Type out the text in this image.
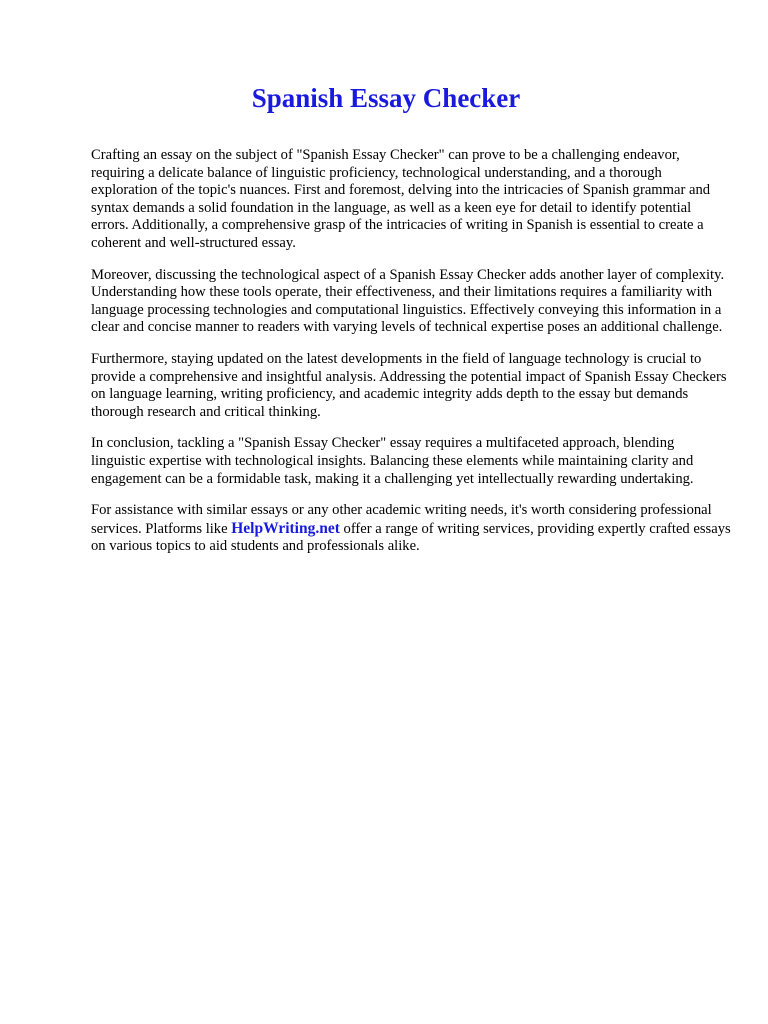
Spanish Essay Checker

Crafting an essay on the subject of "Spanish Essay Checker" can prove to be a challenging endeavor, requiring a delicate balance of linguistic proficiency, technological understanding, and a thorough exploration of the topic's nuances. First and foremost, delving into the intricacies of Spanish grammar and syntax demands a solid foundation in the language, as well as a keen eye for detail to identify potential errors. Additionally, a comprehensive grasp of the intricacies of writing in Spanish is essential to create a coherent and well-structured essay.

Moreover, discussing the technological aspect of a Spanish Essay Checker adds another layer of complexity. Understanding how these tools operate, their effectiveness, and their limitations requires a familiarity with language processing technologies and computational linguistics. Effectively conveying this information in a clear and concise manner to readers with varying levels of technical expertise poses an additional challenge.

Furthermore, staying updated on the latest developments in the field of language technology is crucial to provide a comprehensive and insightful analysis. Addressing the potential impact of Spanish Essay Checkers on language learning, writing proficiency, and academic integrity adds depth to the essay but demands thorough research and critical thinking.

In conclusion, tackling a "Spanish Essay Checker" essay requires a multifaceted approach, blending linguistic expertise with technological insights. Balancing these elements while maintaining clarity and engagement can be a formidable task, making it a challenging yet intellectually rewarding undertaking.

For assistance with similar essays or any other academic writing needs, it's worth considering professional services. Platforms like HelpWriting.net offer a range of writing services, providing expertly crafted essays on various topics to aid students and professionals alike.
